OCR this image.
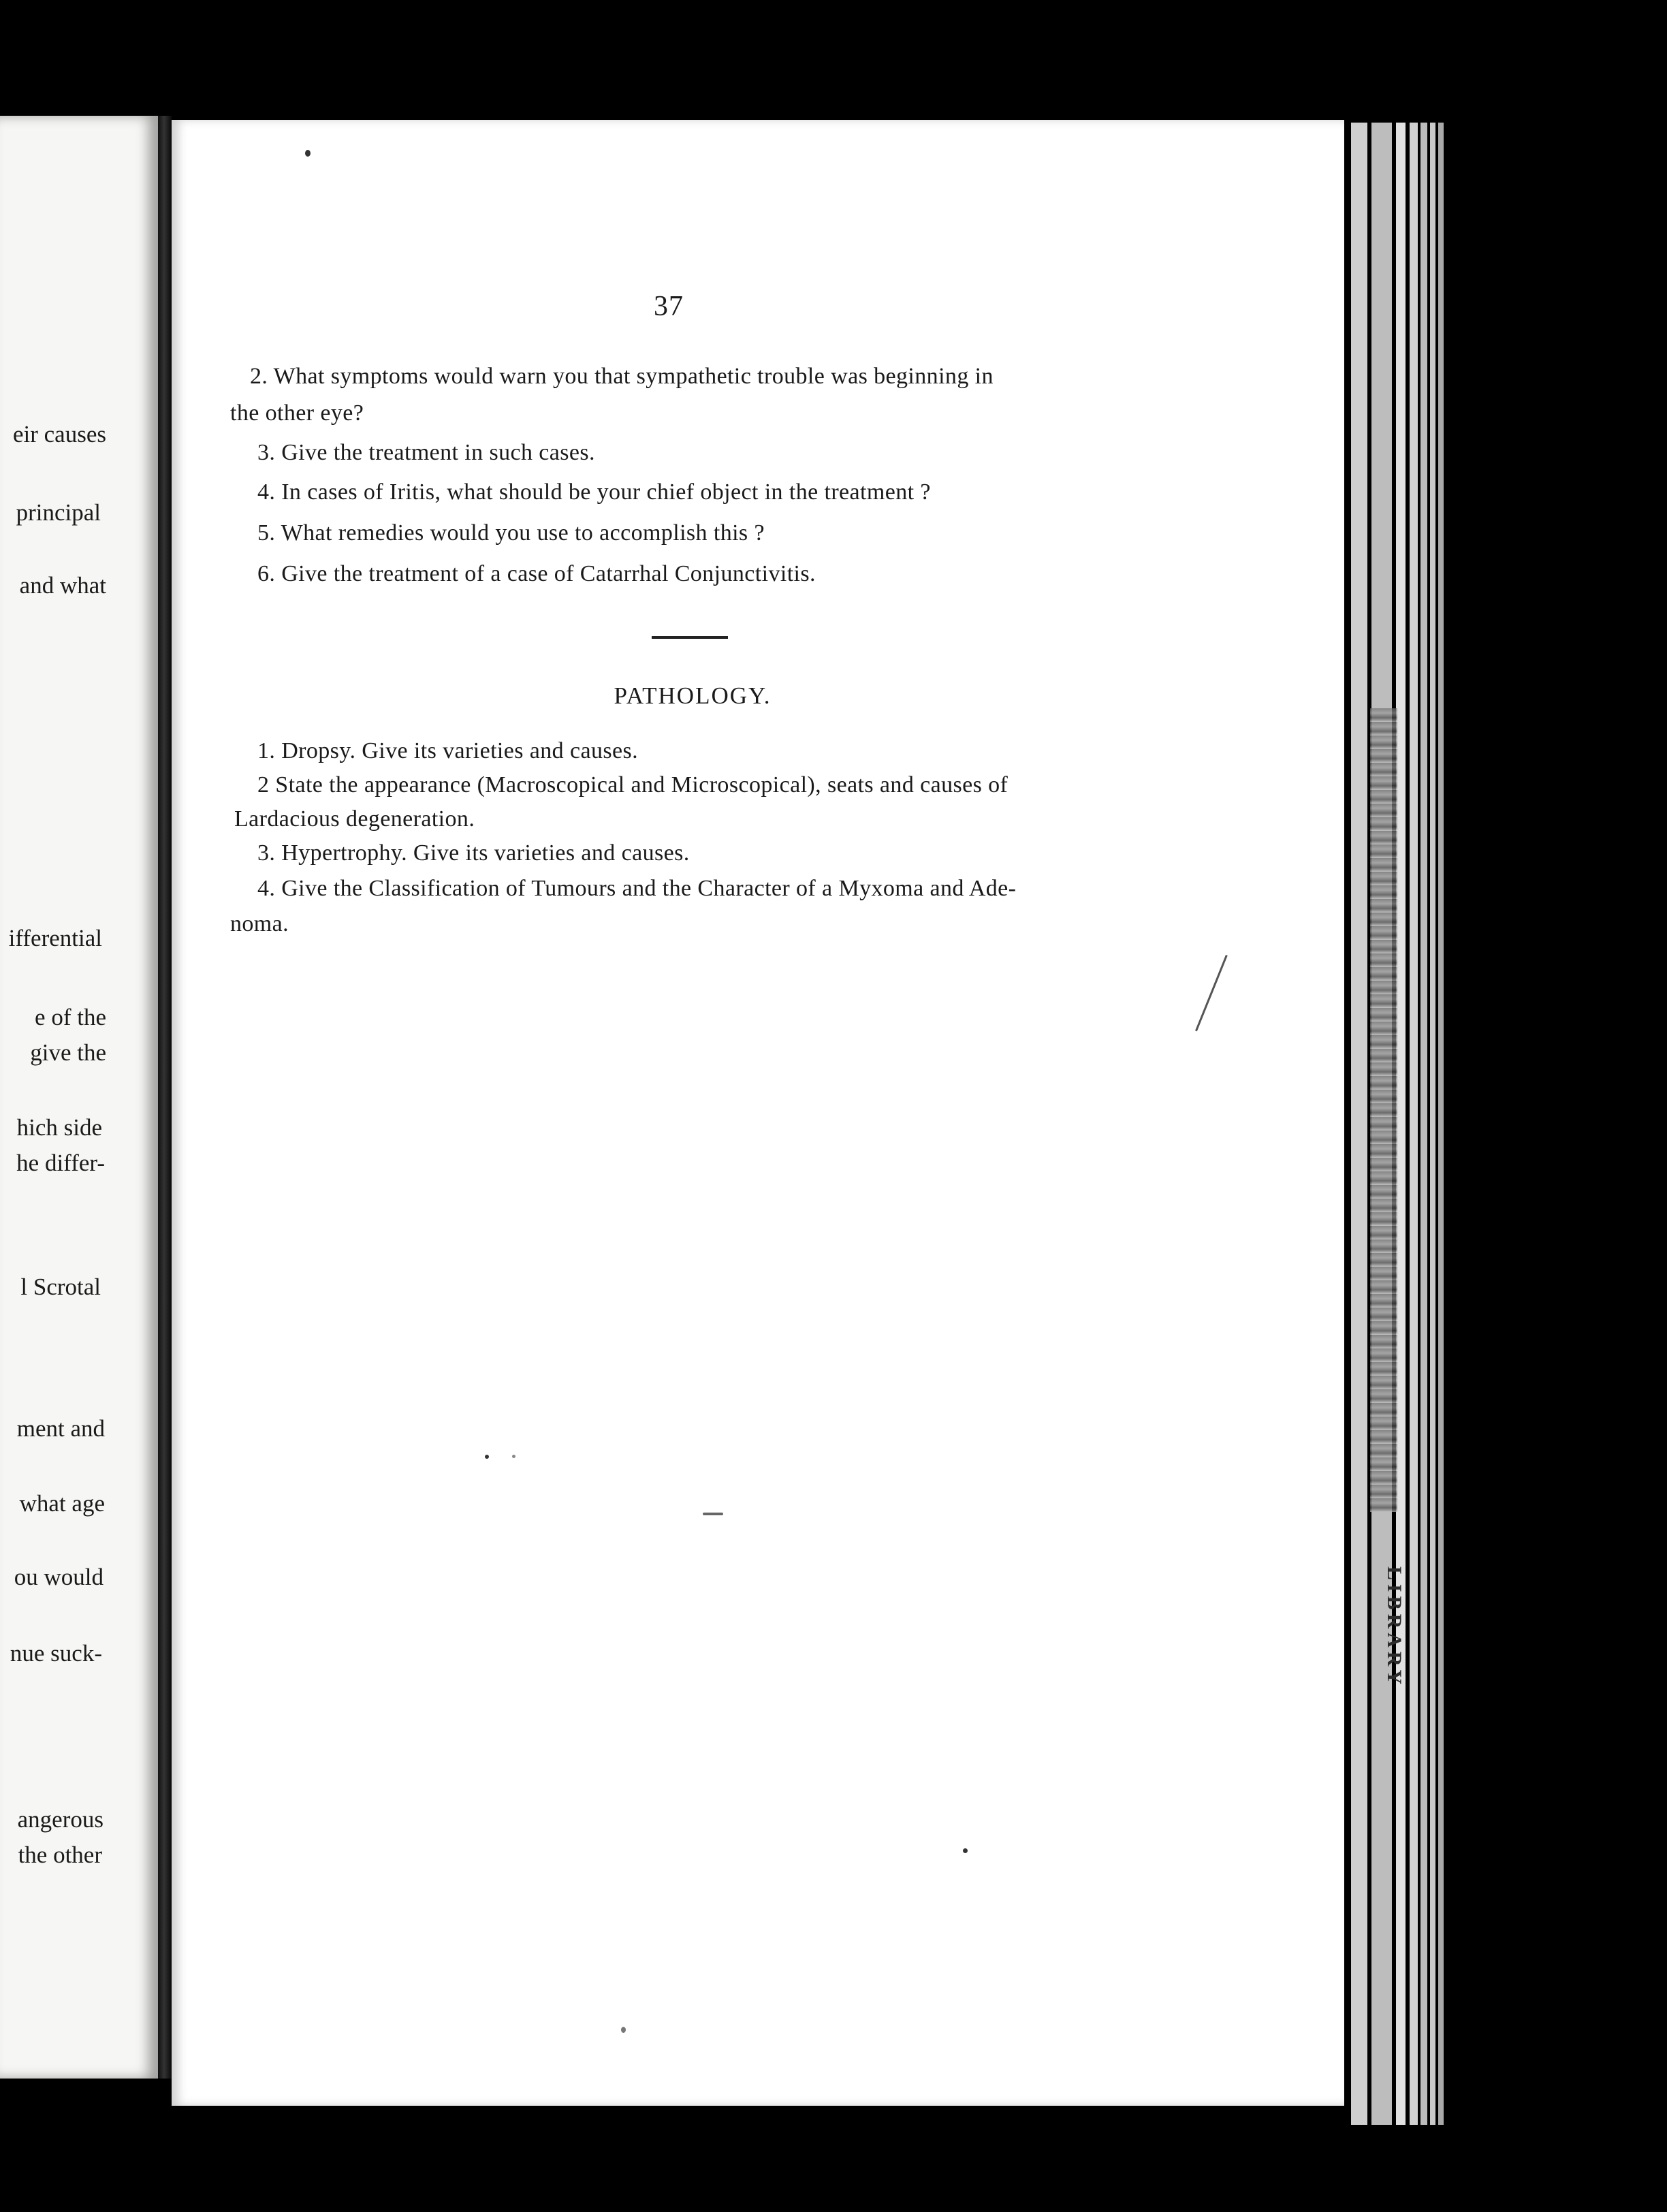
eir causes
principal
and what
ifferential
e of the
give the
hich side
he differ-
l Scrotal
ment and
what age
ou would
nue suck-
angerous
the other
37
2. What symptoms would warn you that sympathetic trouble was beginning in
the other eye?
3. Give the treatment in such cases.
4. In cases of Iritis, what should be your chief object in the treatment ?
5. What remedies would you use to accomplish this ?
6. Give the treatment of a case of Catarrhal Conjunctivitis.
PATHOLOGY.
1. Dropsy. Give its varieties and causes.
2 State the appearance (Macroscopical and Microscopical), seats and causes of
Lardacious degeneration.
3. Hypertrophy. Give its varieties and causes.
4. Give the Classification of Tumours and the Character of a Myxoma and Ade-
noma.
LIBRARY
